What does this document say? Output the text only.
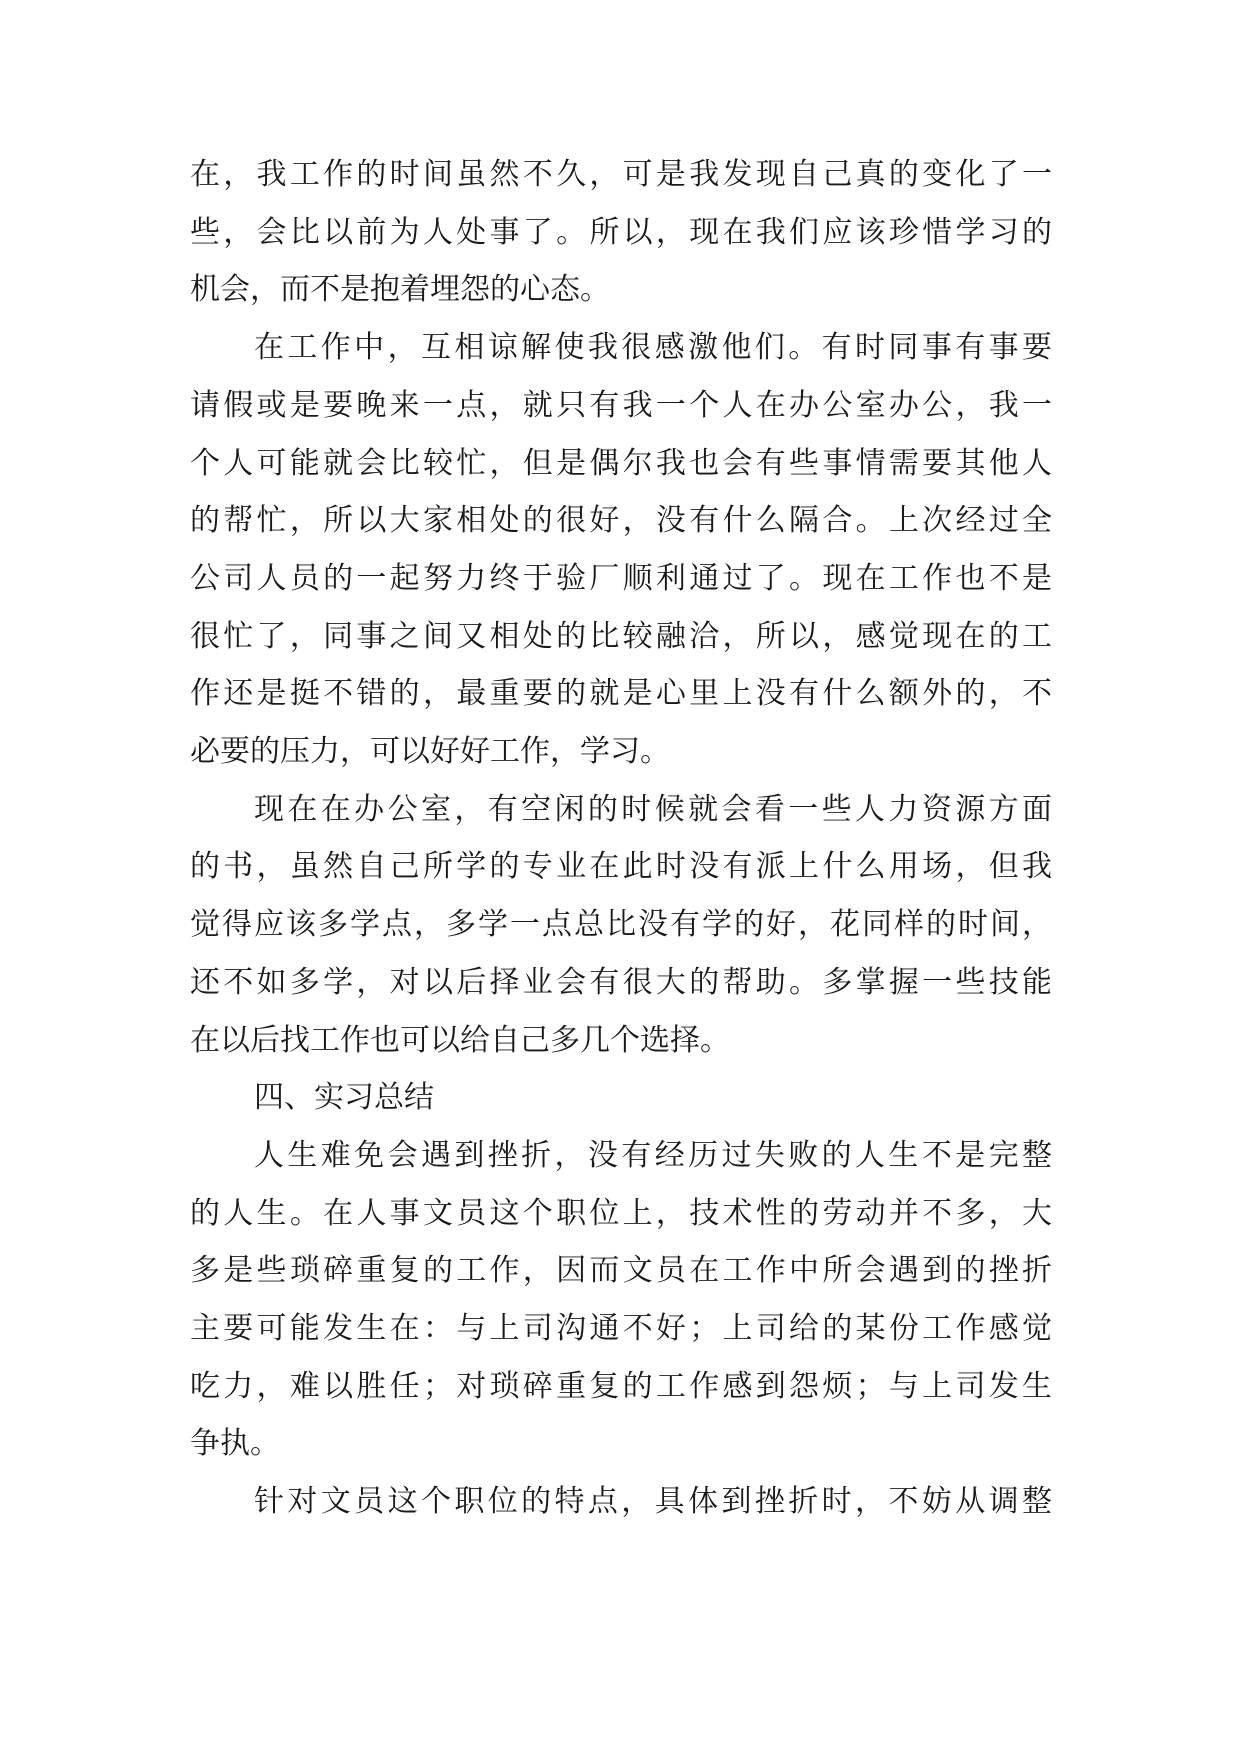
在，我工作的时间虽然不久，可是我发现自己真的变化了一
些，会比以前为人处事了。所以，现在我们应该珍惜学习的
机会，而不是抱着埋怨的心态。
在工作中，互相谅解使我很感激他们。有时同事有事要
请假或是要晚来一点，就只有我一个人在办公室办公，我一
个人可能就会比较忙，但是偶尔我也会有些事情需要其他人
的帮忙，所以大家相处的很好，没有什么隔合。上次经过全
公司人员的一起努力终于验厂顺利通过了。现在工作也不是
很忙了，同事之间又相处的比较融洽，所以，感觉现在的工
作还是挺不错的，最重要的就是心里上没有什么额外的，不
必要的压力，可以好好工作，学习。
现在在办公室，有空闲的时候就会看一些人力资源方面
的书，虽然自己所学的专业在此时没有派上什么用场，但我
觉得应该多学点，多学一点总比没有学的好，花同样的时间，
还不如多学，对以后择业会有很大的帮助。多掌握一些技能
在以后找工作也可以给自己多几个选择。
四、实习总结
人生难免会遇到挫折，没有经历过失败的人生不是完整
的人生。在人事文员这个职位上，技术性的劳动并不多，大
多是些琐碎重复的工作，因而文员在工作中所会遇到的挫折
主要可能发生在：与上司沟通不好；上司给的某份工作感觉
吃力，难以胜任；对琐碎重复的工作感到怨烦；与上司发生
争执。
针对文员这个职位的特点，具体到挫折时，不妨从调整
